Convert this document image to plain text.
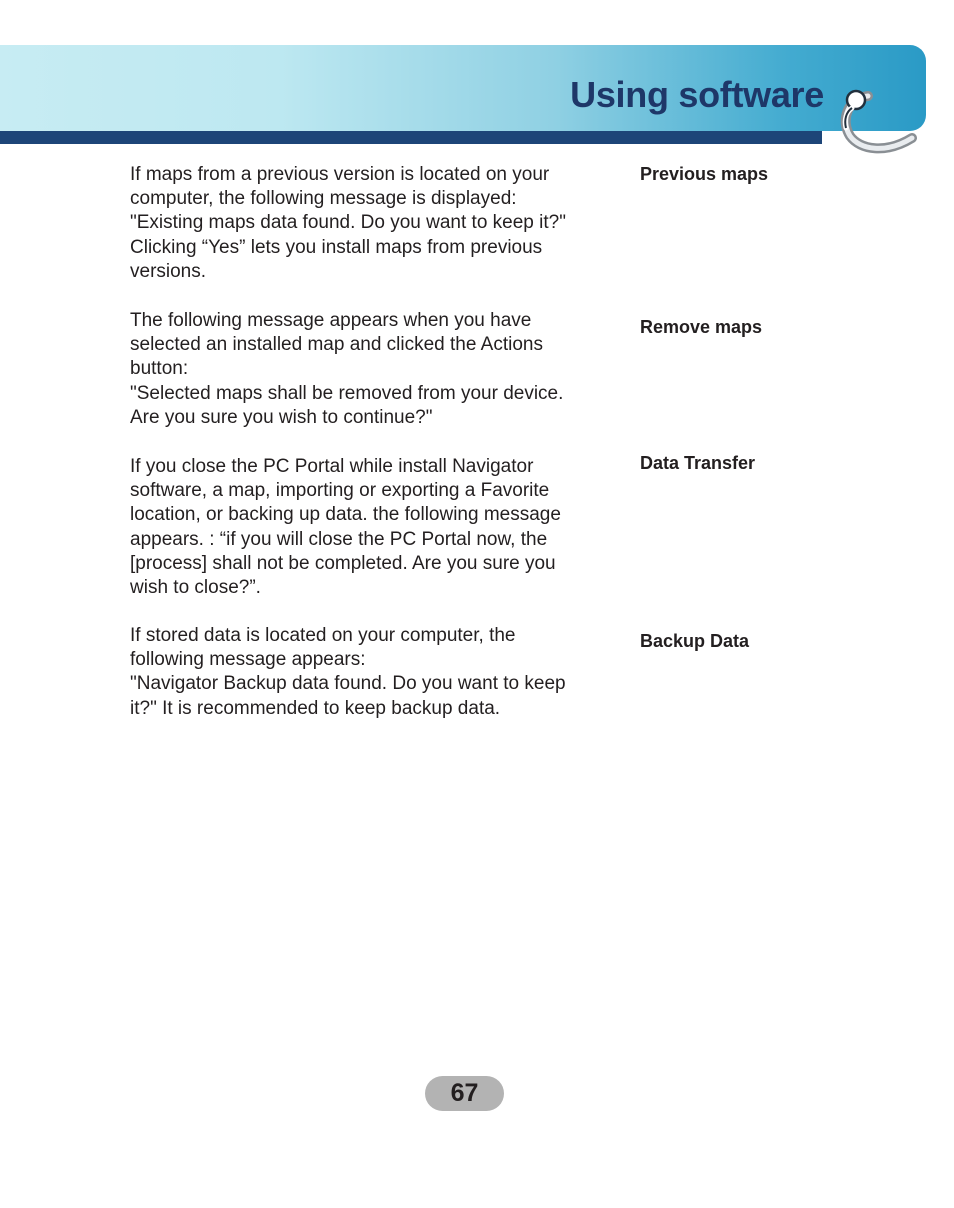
Using software

If maps from a previous version is located on your

computer, the following message is displayed:

"Existing maps data found. Do you want to keep it?"

Clicking “Yes” lets you install maps from previous

versions.

Previous maps

The following message appears when you have

selected an installed map and clicked the Actions

button:

"Selected maps shall be removed from your device.

Are you sure you wish to continue?"

Remove maps

If you close the PC Portal while install Navigator

software, a map, importing or exporting a Favorite

location, or backing up data. the following message

appears. : “if you will close the PC Portal now, the

[process] shall not be completed. Are you sure you

wish to close?”.

Data Transfer

If stored data is located on your computer, the

following message appears:

"Navigator Backup data found. Do you want to keep

it?" It is recommended to keep backup data.

Backup Data
67
